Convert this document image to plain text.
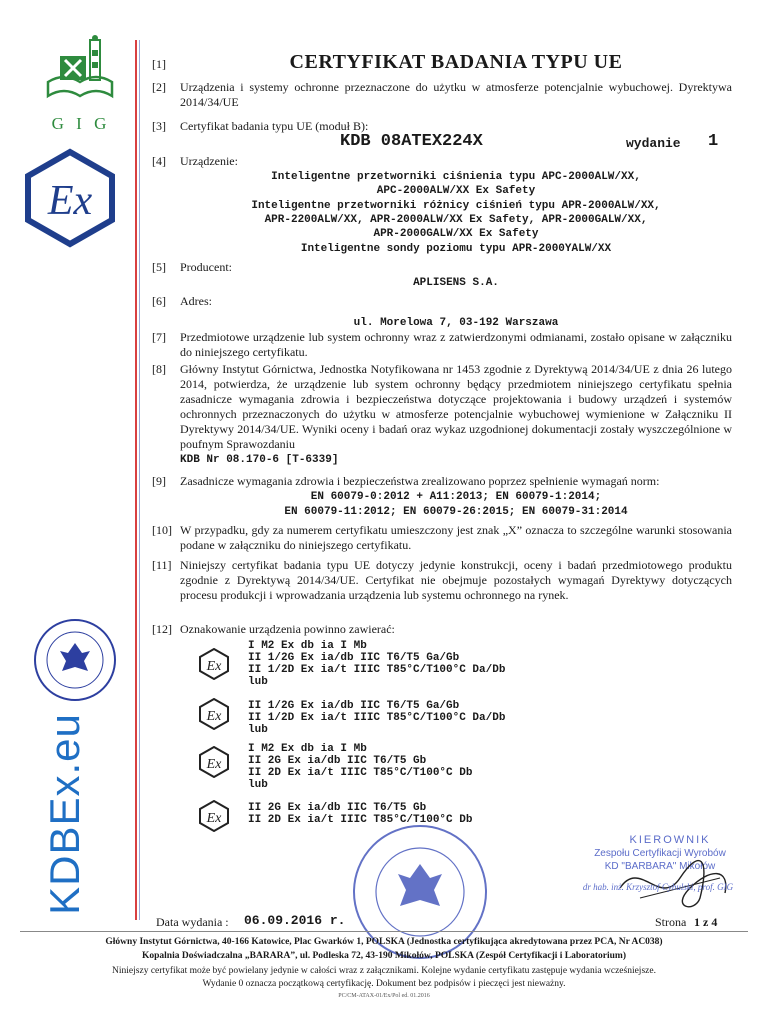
G I G
Ex
KDBEx.eu
[1]	CERTYFIKAT BADANIA TYPU UE
[2] Urządzenia i systemy ochronne przeznaczone do użytku w atmosferze potencjalnie wybuchowej. Dyrektywa 2014/34/UE
[3] Certyfikat badania typu UE (moduł B):
KDB 08ATEX224X	wydanie 1
[4] Urządzenie:
Inteligentne przetworniki ciśnienia typu APC-2000ALW/XX,
APC-2000ALW/XX Ex Safety
Inteligentne przetworniki różnicy ciśnień typu APR-2000ALW/XX,
APR-2200ALW/XX, APR-2000ALW/XX Ex Safety, APR-2000GALW/XX,
APR-2000GALW/XX Ex Safety
Inteligentne sondy poziomu typu APR-2000YALW/XX
[5] Producent:
APLISENS S.A.
[6] Adres:
ul. Morelowa 7, 03-192 Warszawa
[7] Przedmiotowe urządzenie lub system ochronny wraz z zatwierdzonymi odmianami, zostało opisane w załączniku do niniejszego certyfikatu.
[8] Główny Instytut Górnictwa, Jednostka Notyfikowana nr 1453 zgodnie z Dyrektywą 2014/34/UE z dnia 26 lutego 2014, potwierdza, że urządzenie lub system ochronny będący przedmiotem niniejszego certyfikatu spełnia zasadnicze wymagania zdrowia i bezpieczeństwa dotyczące projektowania i budowy urządzeń i systemów ochronnych przeznaczonych do użytku w atmosferze potencjalnie wybuchowej wymienione w Załączniku II Dyrektywy 2014/34/UE. Wyniki oceny i badań oraz wykaz uzgodnionej dokumentacji zostały wyszczególnione w poufnym Sprawozdaniu
KDB Nr 08.170-6 [T-6339]
[9] Zasadnicze wymagania zdrowia i bezpieczeństwa zrealizowano poprzez spełnienie wymagań norm:
EN 60079-0:2012 + A11:2013; EN 60079-1:2014;
EN 60079-11:2012; EN 60079-26:2015; EN 60079-31:2014
[10] W przypadku, gdy za numerem certyfikatu umieszczony jest znak „X” oznacza to szczególne warunki stosowania podane w załączniku do niniejszego certyfikatu.
[11] Niniejszy certyfikat badania typu UE dotyczy jedynie konstrukcji, oceny i badań przedmiotowego produktu zgodnie z Dyrektywą 2014/34/UE. Certyfikat nie obejmuje pozostałych wymagań Dyrektywy dotyczących procesu produkcji i wprowadzania urządzenia lub systemu ochronnego na rynek.
[12] Oznakowanie urządzenia powinno zawierać:
Ex
I M2 Ex db ia I Mb
II 1/2G Ex ia/db IIC T6/T5 Ga/Gb
II 1/2D Ex ia/t IIIC T85°C/T100°C Da/Db
lub
Ex
II 1/2G Ex ia/db IIC T6/T5 Ga/Gb
II 1/2D Ex ia/t IIIC T85°C/T100°C Da/Db
lub
Ex
I M2 Ex db ia I Mb
II 2G Ex ia/db IIC T6/T5 Gb
II 2D Ex ia/t IIIC T85°C/T100°C Db
lub
Ex
II 2G Ex ia/db IIC T6/T5 Gb
II 2D Ex ia/t IIIC T85°C/T100°C Db
KIEROWNIK
Zespołu Certyfikacji Wyrobów
KD "BARBARA" Mikołów
dr hab. inż. Krzysztof Cybulski, prof. GIG
Data wydania : 06.09.2016 r.	Strona 1 z 4
Główny Instytut Górnictwa, 40-166 Katowice, Plac Gwarków 1, POLSKA (Jednostka certyfikująca akredytowana przez PCA, Nr AC038)
Kopalnia Doświadczalna „BARARA”, ul. Podleska 72, 43-190 Mikołów, POLSKA (Zespół Certyfikacji i Laboratorium)
Niniejszy certyfikat może być powielany jedynie w całości wraz z załącznikami. Kolejne wydanie certyfikatu zastępuje wydania wcześniejsze.
Wydanie 0 oznacza początkową certyfikację. Dokument bez podpisów i pieczęci jest nieważny.
PC/CM-ATAX-01/Ex/Pol ed. 01.2016
